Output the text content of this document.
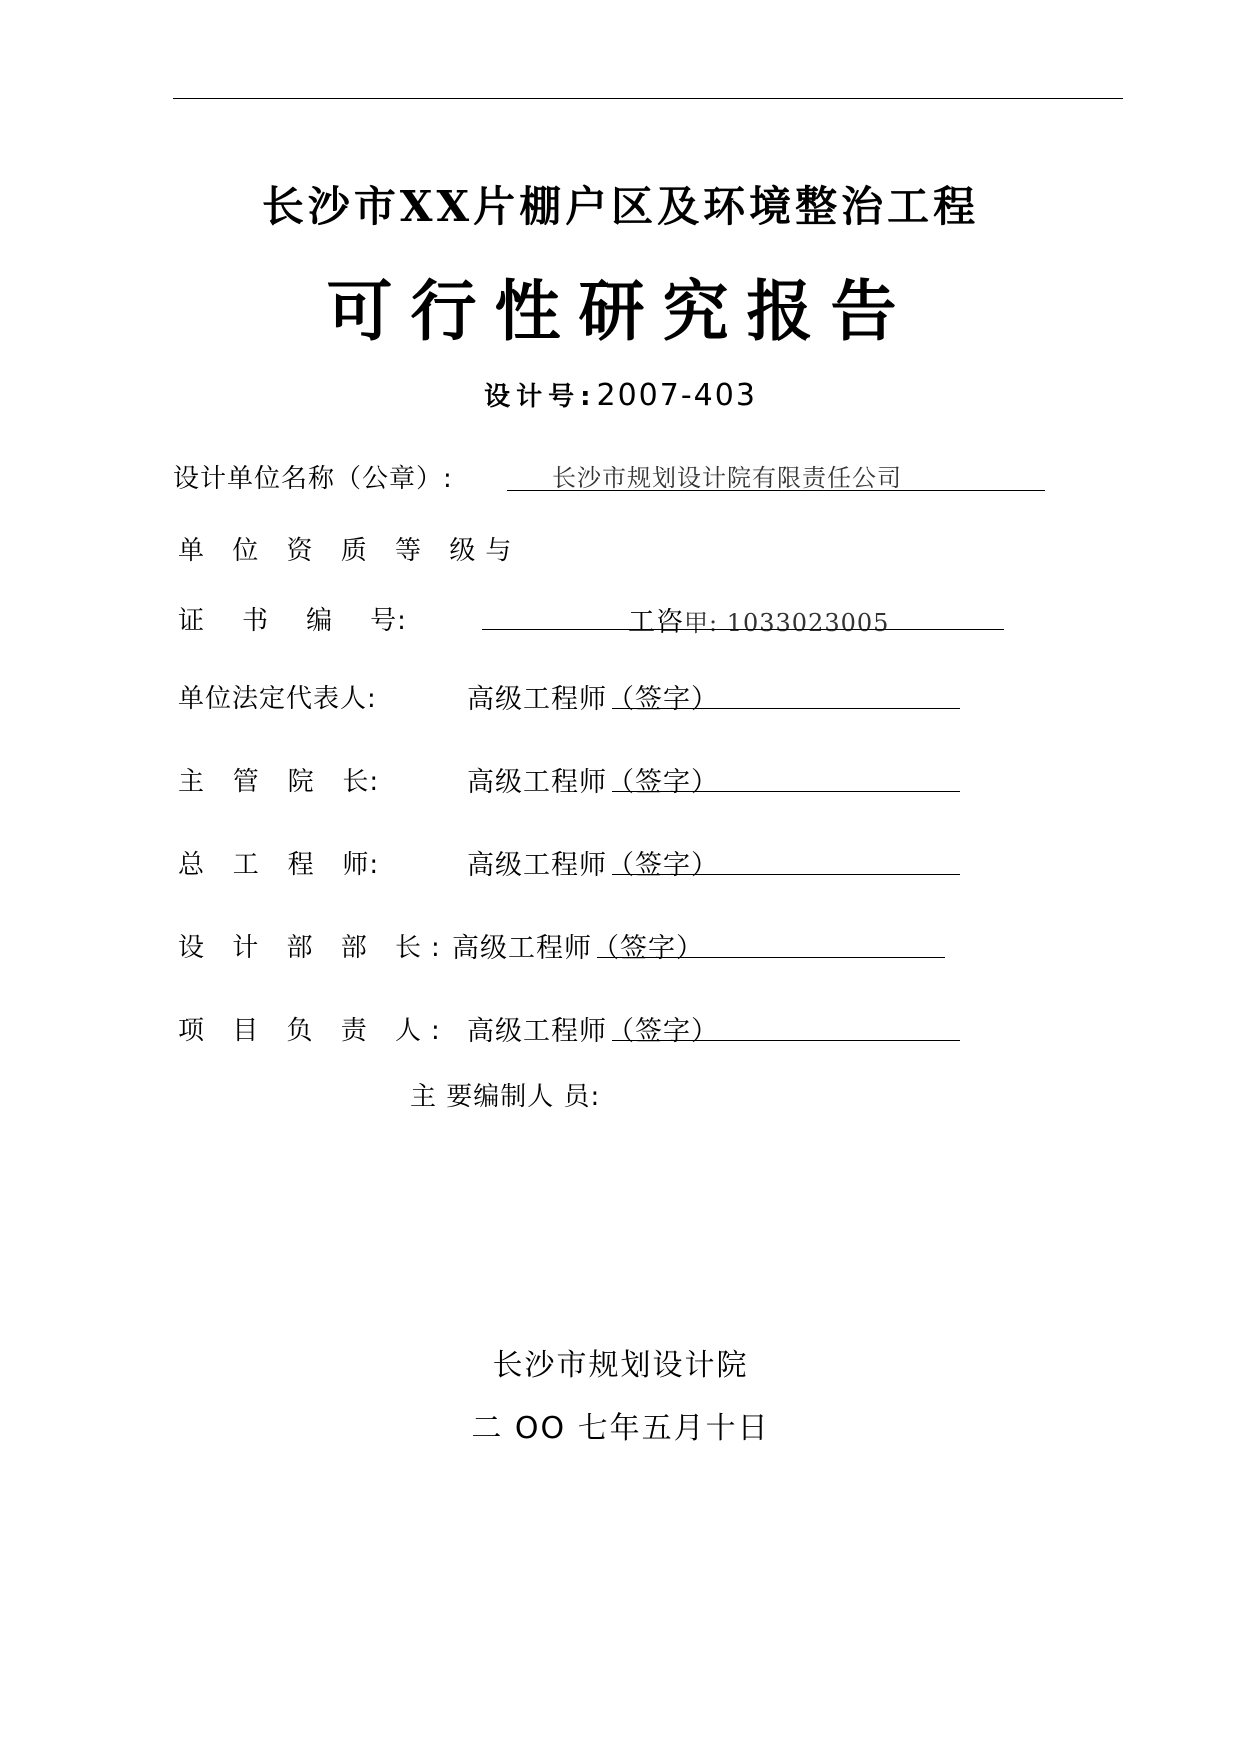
长沙市XX片棚户区及环境整治工程
可行性研究报告
设计号:2007-403
设计单位名称（公章）:	长沙市规划设计院有限责任公司
单 位 资 质 等 级与
证    书    编    号:	工咨甲: 1033023005
单位法定代表人:	高级工程师（签字）
主   管   院   长:	高级工程师（签字）
总   工   程   师:	高级工程师（签字）
设 计 部 部 长: 高级工程师（签字）
项 目 负 责 人: 高级工程师（签字）
主 要编制人 员:
长沙市规划设计院
二 OO 七年五月十日
